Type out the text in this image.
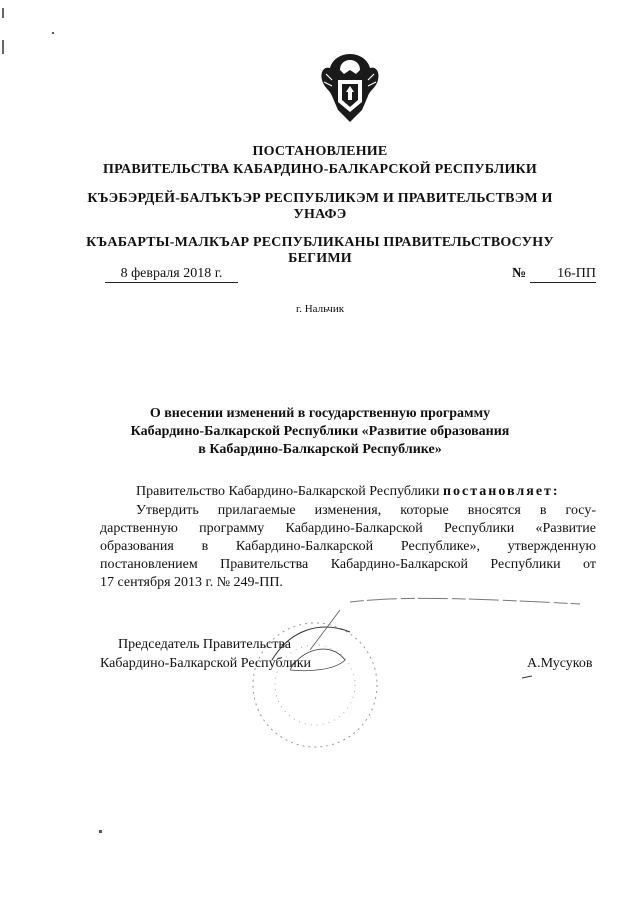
ПОСТАНОВЛЕНИЕ
ПРАВИТЕЛЬСТВА КАБАРДИНО-БАЛКАРСКОЙ РЕСПУБЛИКИ
КЪЭБЭРДЕЙ-БАЛЪКЪЭР РЕСПУБЛИКЭМ И ПРАВИТЕЛЬСТВЭМ И
УНАФЭ
КЪАБАРТЫ-МАЛКЪАР РЕСПУБЛИКАНЫ ПРАВИТЕЛЬСТВОСУНУ
БЕГИМИ
8 февраля 2018 г.	№	16-ПП
г. Нальчик
О внесении изменений в государственную программу
Кабардино-Балкарской Республики «Развитие образования
в Кабардино-Балкарской Республике»
Правительство Кабардино-Балкарской Республики постановляет:
Утвердить прилагаемые изменения, которые вносятся в госу-
дарственную программу Кабардино-Балкарской Республики «Развитие
образования в Кабардино-Балкарской Республике», утвержденную
постановлением Правительства Кабардино-Балкарской Республики от
17 сентября 2013 г. № 249-ПП.
Председатель Правительства
Кабардино-Балкарской Республики	А.Мусуков
